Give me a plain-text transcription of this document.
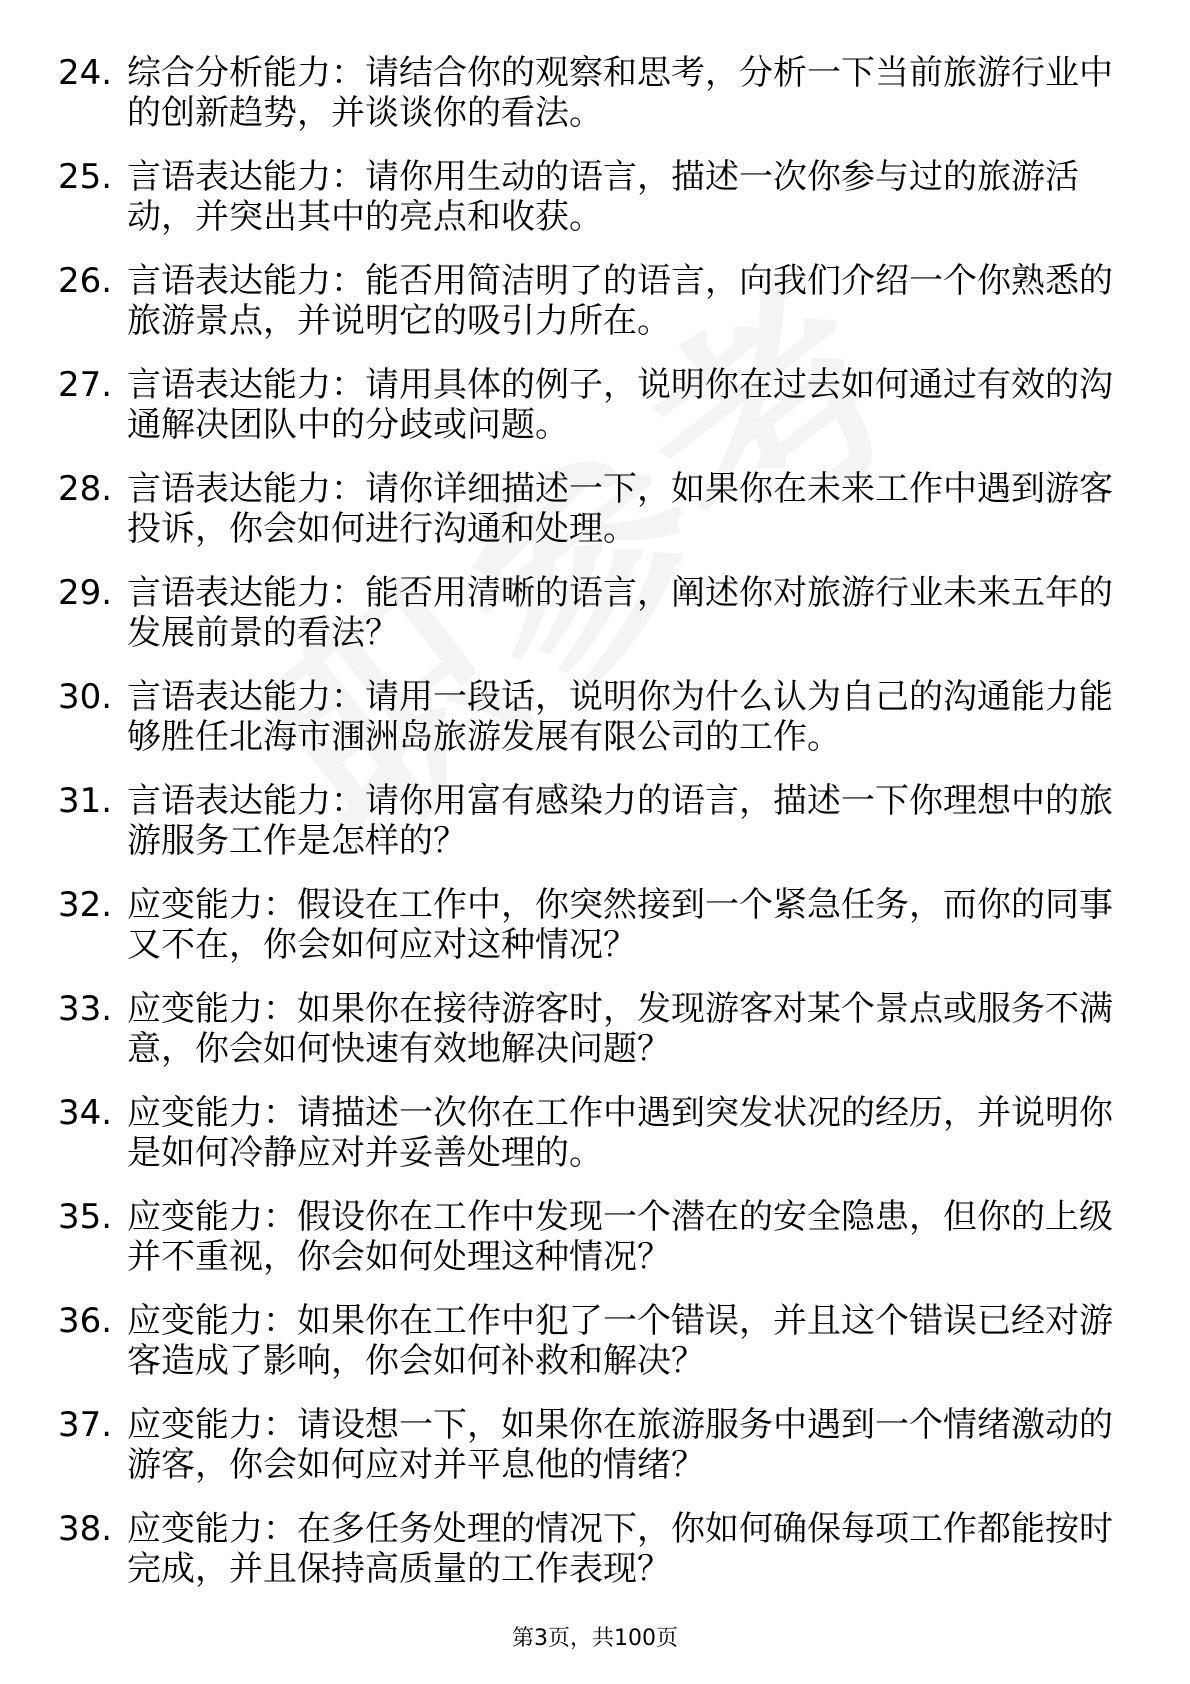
24. 综合分析能力：请结合你的观察和思考，分析一下当前旅游行业中的创新趋势，并谈谈你的看法。
25. 言语表达能力：请你用生动的语言，描述一次你参与过的旅游活动，并突出其中的亮点和收获。
26. 言语表达能力：能否用简洁明了的语言，向我们介绍一个你熟悉的旅游景点，并说明它的吸引力所在。
27. 言语表达能力：请用具体的例子，说明你在过去如何通过有效的沟通解决团队中的分歧或问题。
28. 言语表达能力：请你详细描述一下，如果你在未来工作中遇到游客投诉，你会如何进行沟通和处理。
29. 言语表达能力：能否用清晰的语言，阐述你对旅游行业未来五年的发展前景的看法？
30. 言语表达能力：请用一段话，说明你为什么认为自己的沟通能力能够胜任北海市涠洲岛旅游发展有限公司的工作。
31. 言语表达能力：请你用富有感染力的语言，描述一下你理想中的旅游服务工作是怎样的？
32. 应变能力：假设在工作中，你突然接到一个紧急任务，而你的同事又不在，你会如何应对这种情况？
33. 应变能力：如果你在接待游客时，发现游客对某个景点或服务不满意，你会如何快速有效地解决问题？
34. 应变能力：请描述一次你在工作中遇到突发状况的经历，并说明你是如何冷静应对并妥善处理的。
35. 应变能力：假设你在工作中发现一个潜在的安全隐患，但你的上级并不重视，你会如何处理这种情况？
36. 应变能力：如果你在工作中犯了一个错误，并且这个错误已经对游客造成了影响，你会如何补救和解决？
37. 应变能力：请设想一下，如果你在旅游服务中遇到一个情绪激动的游客，你会如何应对并平息他的情绪？
38. 应变能力：在多任务处理的情况下，你如何确保每项工作都能按时完成，并且保持高质量的工作表现？
第3页，共100页
